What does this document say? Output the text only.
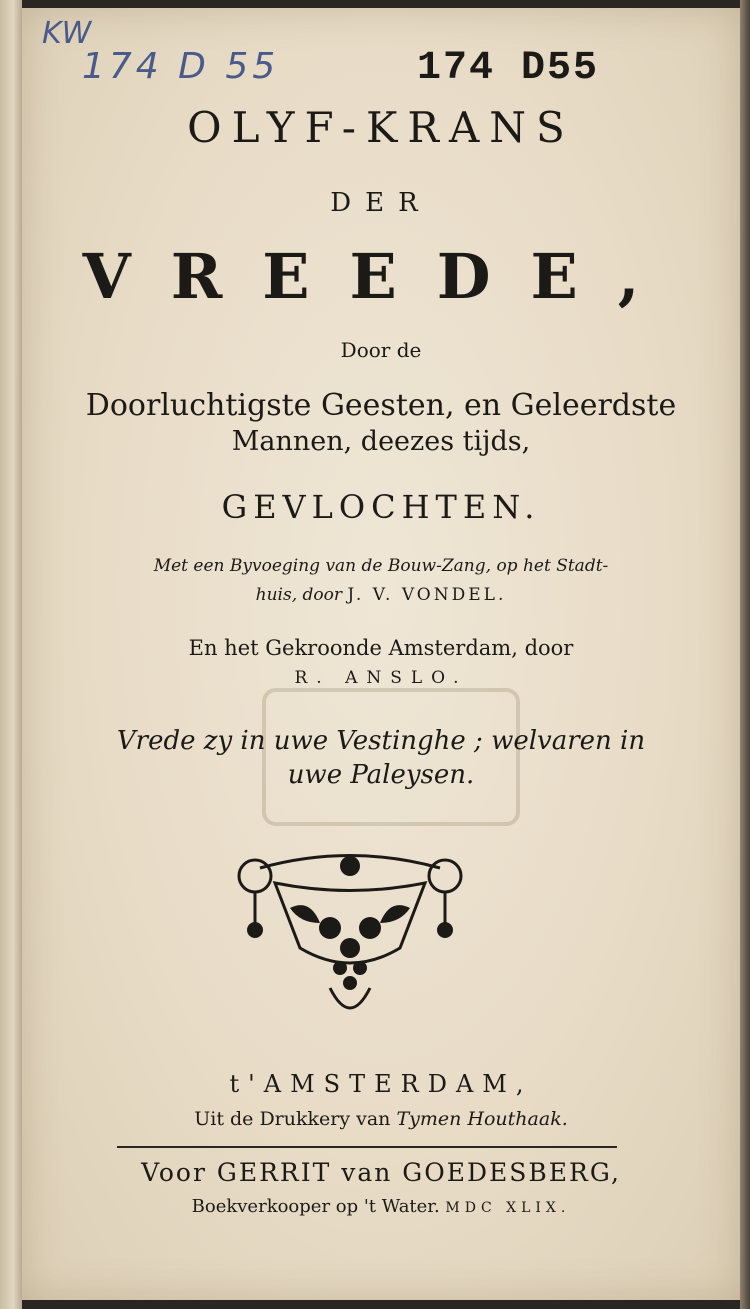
KW
174 D 55	174 D55
OLYF-KRANS
DER
VREEDE,
Door de
Doorluchtigste Geesten, en Geleerdste
Mannen, deezes tijds,
GEVLOCHTEN.
Met een Byvoeging van de Bouw-Zang, op het Stadt-
huis, door J. V. VONDEL.
En het Gekroonde Amsterdam, door
R. ANSLO.
Vrede zy in uwe Vestinghe ; welvaren in
uwe Paleysen.
t'AMSTERDAM,
Uit de Drukkery van Tymen Houthaak.
Voor GERRIT van GOEDESBERG,
Boekverkooper op 't Water. MDC XLIX.
